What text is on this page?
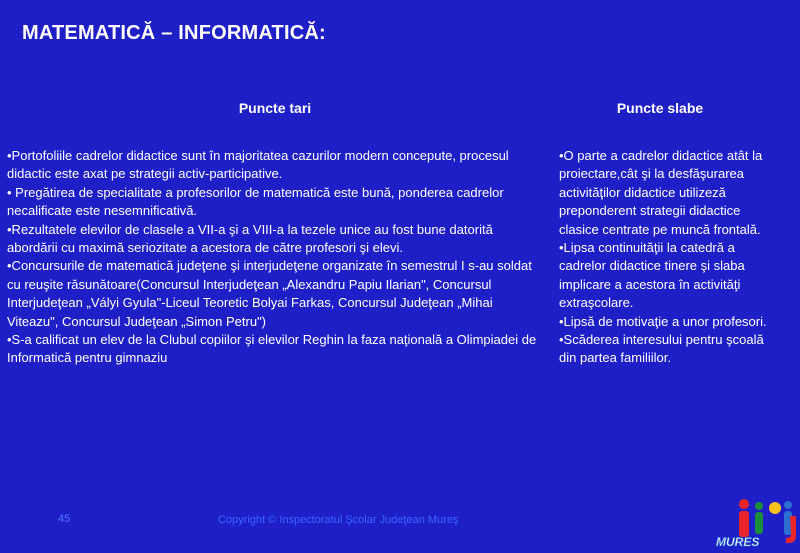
MATEMATICĂ – INFORMATICĂ:
Puncte tari	Puncte slabe

•Portofoliile cadrelor didactice sunt în majoritatea cazurilor modern concepute, procesul didactic este axat pe strategii activ-participative.

• Pregătirea de specialitate a profesorilor de matematică este bună, ponderea cadrelor necalificate este nesemnificativă.

•Rezultatele elevilor de clasele a VII-a şi a VIII-a la tezele unice au fost bune datorită abordării cu maximă seriozitate a acestora de către profesori şi elevi.

•Concursurile de matematică judeţene şi interjudeţene organizate în semestrul I s-au soldat cu reuşite răsunătoare(Concursul Interjudeţean „Alexandru Papiu Ilarian", Concursul Interjudeţean „Vályi Gyula"-Liceul Teoretic Bolyai Farkas, Concursul Judeţean „Mihai Viteazu", Concursul Judeţean „Simon Petru")

•S-a calificat un elev de la Clubul copiilor şi elevilor Reghin la faza naţională a Olimpiadei de Informatică pentru gimnaziu

•O parte a cadrelor didactice atât la proiectare,cât şi la desfăşurarea activităţilor didactice utilizeză preponderent strategii didactice clasice centrate pe muncă frontală.

•Lipsa continuităţii la catedră a cadrelor didactice tinere şi slaba implicare a acestora în activităţi extraşcolare.

•Lipsă de motivaţie a unor profesori.

•Scăderea interesului pentru şcoală din partea familiilor.

45	Copyright © Inspectoratul Şcolar Judeţean Mureş
MURES
